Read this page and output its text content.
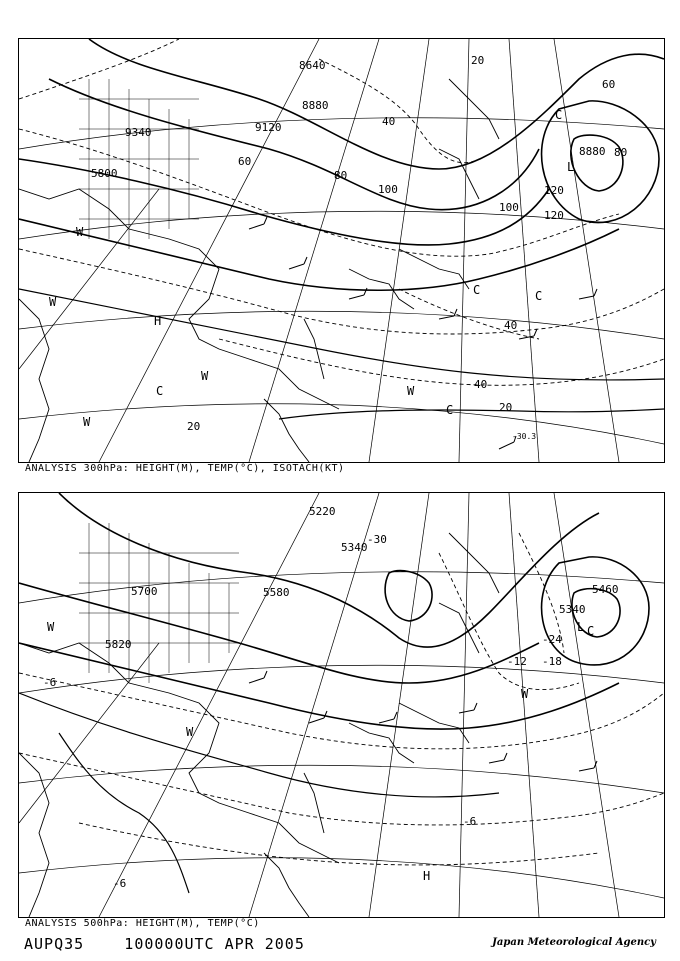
9120
8640
8880
8880
9340
5800
20
40
60
80
100
120
20
40
40
20
60
80
100
120
-30.3
W
W
W
W
W
H
C
C
C
C
C
L
ANALYSIS 300hPa: HEIGHT(M), TEMP(°C), ISOTACH(KT)
5700	5580
5820
5340
5460
5220
5340
-30
-24
-18
-12
-6
-6
-6
W
W
W
H
L C
ANALYSIS 500hPa: HEIGHT(M), TEMP(°C)
AUPQ35    100000UTC APR 2005	Japan Meteorological Agency
